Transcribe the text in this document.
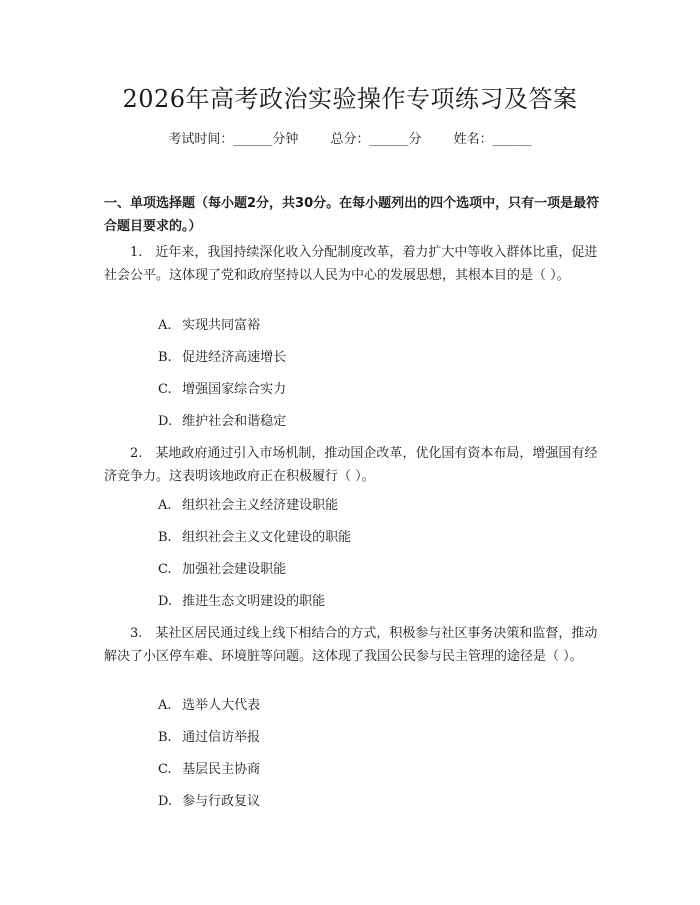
2026年高考政治实验操作专项练习及答案
考试时间：______分钟 总分：______分 姓名：______
一、单项选择题（每小题2分，共30分。在每小题列出的四个选项中，只有一项是最符合题目要求的。）
1.　近年来，我国持续深化收入分配制度改革，着力扩大中等收入群体比重，促进社会公平。这体现了党和政府坚持以人民为中心的发展思想，其根本目的是（ ）。
A. 实现共同富裕
B. 促进经济高速增长
C. 增强国家综合实力
D. 维护社会和谐稳定
2.　某地政府通过引入市场机制，推动国企改革，优化国有资本布局，增强国有经济竞争力。这表明该地政府正在积极履行（ ）。
A. 组织社会主义经济建设职能
B. 组织社会主义文化建设的职能
C. 加强社会建设职能
D. 推进生态文明建设的职能
3.　某社区居民通过线上线下相结合的方式，积极参与社区事务决策和监督，推动解决了小区停车难、环境脏等问题。这体现了我国公民参与民主管理的途径是（ ）。
A. 选举人大代表
B. 通过信访举报
C. 基层民主协商
D. 参与行政复议
